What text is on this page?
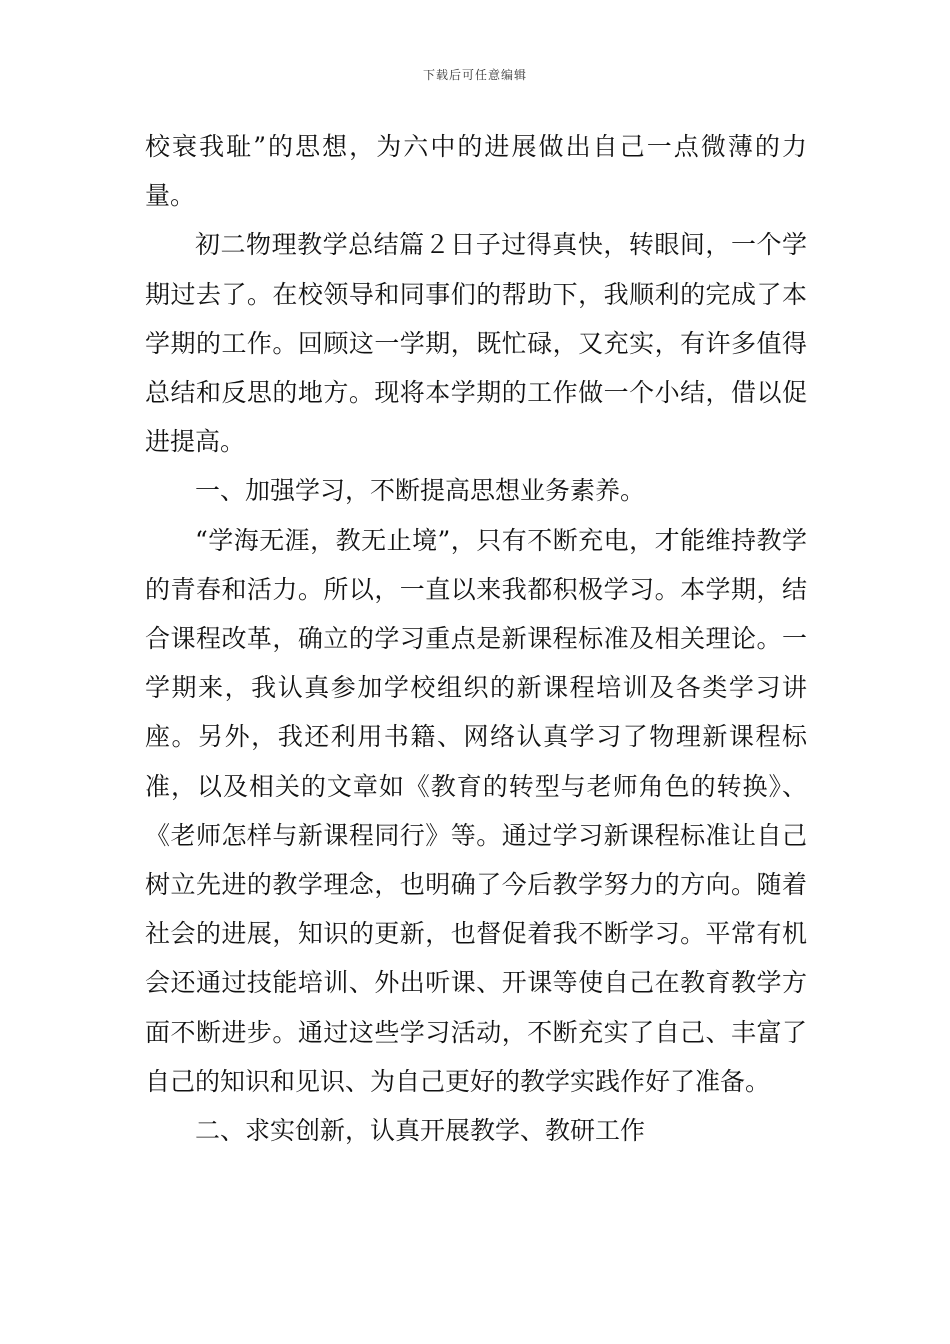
下载后可任意编辑

校衰我耻”的思想，为六中的进展做出自己一点微薄的力量。

初二物理教学总结篇２日子过得真快，转眼间，一个学期过去了。在校领导和同事们的帮助下，我顺利的完成了本学期的工作。回顾这一学期，既忙碌，又充实，有许多值得总结和反思的地方。现将本学期的工作做一个小结，借以促进提高。

一、加强学习，不断提高思想业务素养。

“学海无涯，教无止境”，只有不断充电，才能维持教学的青春和活力。所以，一直以来我都积极学习。本学期，结合课程改革，确立的学习重点是新课程标准及相关理论。一学期来，我认真参加学校组织的新课程培训及各类学习讲座。另外，我还利用书籍、网络认真学习了物理新课程标准，以及相关的文章如《教育的转型与老师角色的转换》、《老师怎样与新课程同行》等。通过学习新课程标准让自己树立先进的教学理念，也明确了今后教学努力的方向。随着社会的进展，知识的更新，也督促着我不断学习。平常有机会还通过技能培训、外出听课、开课等使自己在教育教学方面不断进步。通过这些学习活动，不断充实了自己、丰富了自己的知识和见识、为自己更好的教学实践作好了准备。

二、求实创新，认真开展教学、教研工作
